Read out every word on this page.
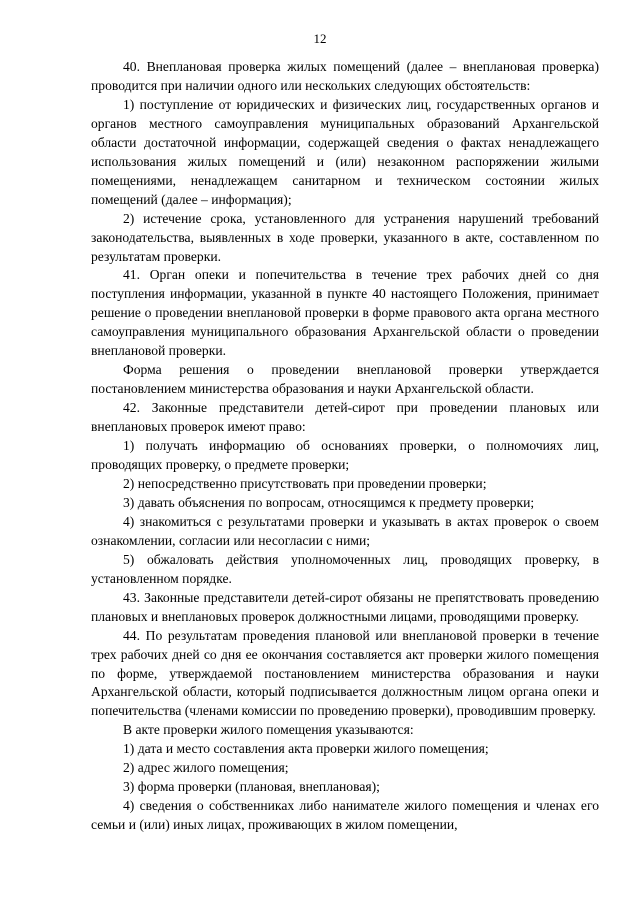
12

40. Внеплановая проверка жилых помещений (далее – внеплановая проверка) проводится при наличии одного или нескольких следующих обстоятельств:

1) поступление от юридических и физических лиц, государственных органов и органов местного самоуправления муниципальных образований Архангельской области достаточной информации, содержащей сведения о фактах ненадлежащего использования жилых помещений и (или) незаконном распоряжении жилыми помещениями, ненадлежащем санитарном и техническом состоянии жилых помещений (далее – информация);

2) истечение срока, установленного для устранения нарушений требований законодательства, выявленных в ходе проверки, указанного в акте, составленном по результатам проверки.

41. Орган опеки и попечительства в течение трех рабочих дней со дня поступления информации, указанной в пункте 40 настоящего Положения, принимает решение о проведении внеплановой проверки в форме правового акта органа местного самоуправления муниципального образования Архангельской области о проведении внеплановой проверки.

Форма решения о проведении внеплановой проверки утверждается постановлением министерства образования и науки Архангельской области.

42. Законные представители детей-сирот при проведении плановых или внеплановых проверок имеют право:

1) получать информацию об основаниях проверки, о полномочиях лиц, проводящих проверку, о предмете проверки;

2) непосредственно присутствовать при проведении проверки;

3) давать объяснения по вопросам, относящимся к предмету проверки;

4) знакомиться с результатами проверки и указывать в актах проверок о своем ознакомлении, согласии или несогласии с ними;

5) обжаловать действия уполномоченных лиц, проводящих проверку, в установленном порядке.

43. Законные представители детей-сирот обязаны не препятствовать проведению плановых и внеплановых проверок должностными лицами, проводящими проверку.

44. По результатам проведения плановой или внеплановой проверки в течение трех рабочих дней со дня ее окончания составляется акт проверки жилого помещения по форме, утверждаемой постановлением министерства образования и науки Архангельской области, который подписывается должностным лицом органа опеки и попечительства (членами комиссии по проведению проверки), проводившим проверку.

В акте проверки жилого помещения указываются:

1) дата и место составления акта проверки жилого помещения;

2) адрес жилого помещения;

3) форма проверки (плановая, внеплановая);

4) сведения о собственниках либо нанимателе жилого помещения и членах его семьи и (или) иных лицах, проживающих в жилом помещении,
